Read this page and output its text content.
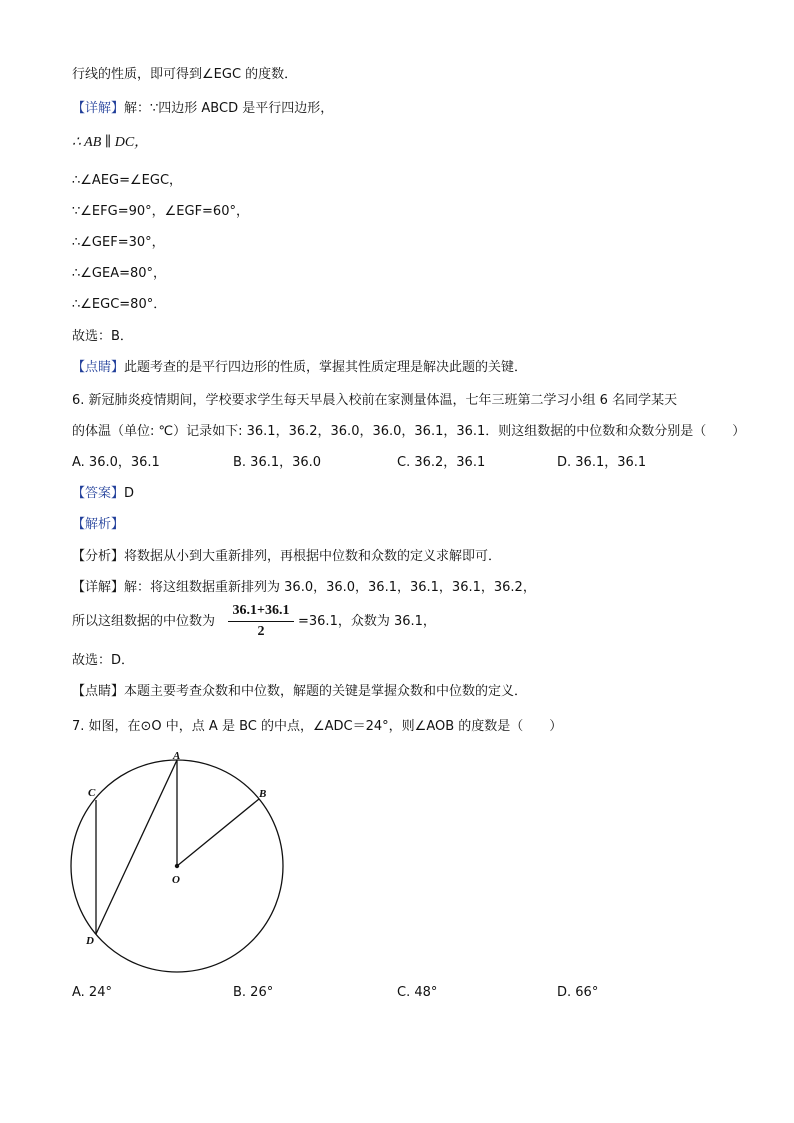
行线的性质，即可得到∠EGC 的度数．
【详解】解：∵四边形 ABCD 是平行四边形，
∴ AB ∥ DC，
∴∠AEG=∠EGC，
∵∠EFG=90°，∠EGF=60°，
∴∠GEF=30°，
∴∠GEA=80°，
∴∠EGC=80°．
故选：B．
【点睛】此题考查的是平行四边形的性质，掌握其性质定理是解决此题的关键．
6. 新冠肺炎疫情期间，学校要求学生每天早晨入校前在家测量体温，七年三班第二学习小组 6 名同学某天
的体温（单位: ℃）记录如下: 36.1，36.2，36.0，36.0，36.1，36.1．则这组数据的中位数和众数分别是（　　）
A. 36.0，36.1	B. 36.1，36.0	C. 36.2，36.1	D. 36.1，36.1
【答案】D
【解析】
【分析】将数据从小到大重新排列，再根据中位数和众数的定义求解即可．
【详解】解：将这组数据重新排列为 36.0，36.0，36.1，36.1，36.1，36.2，
所以这组数据的中位数为
36.1+36.1
2
=36.1，众数为 36.1，
故选：D．
【点睛】本题主要考查众数和中位数，解题的关键是掌握众数和中位数的定义．
7. 如图，在⊙O 中，点 A 是 BC 的中点，∠ADC＝24°，则∠AOB 的度数是（　　）
A
B
C
D
O
A. 24°	B. 26°	C. 48°	D. 66°
